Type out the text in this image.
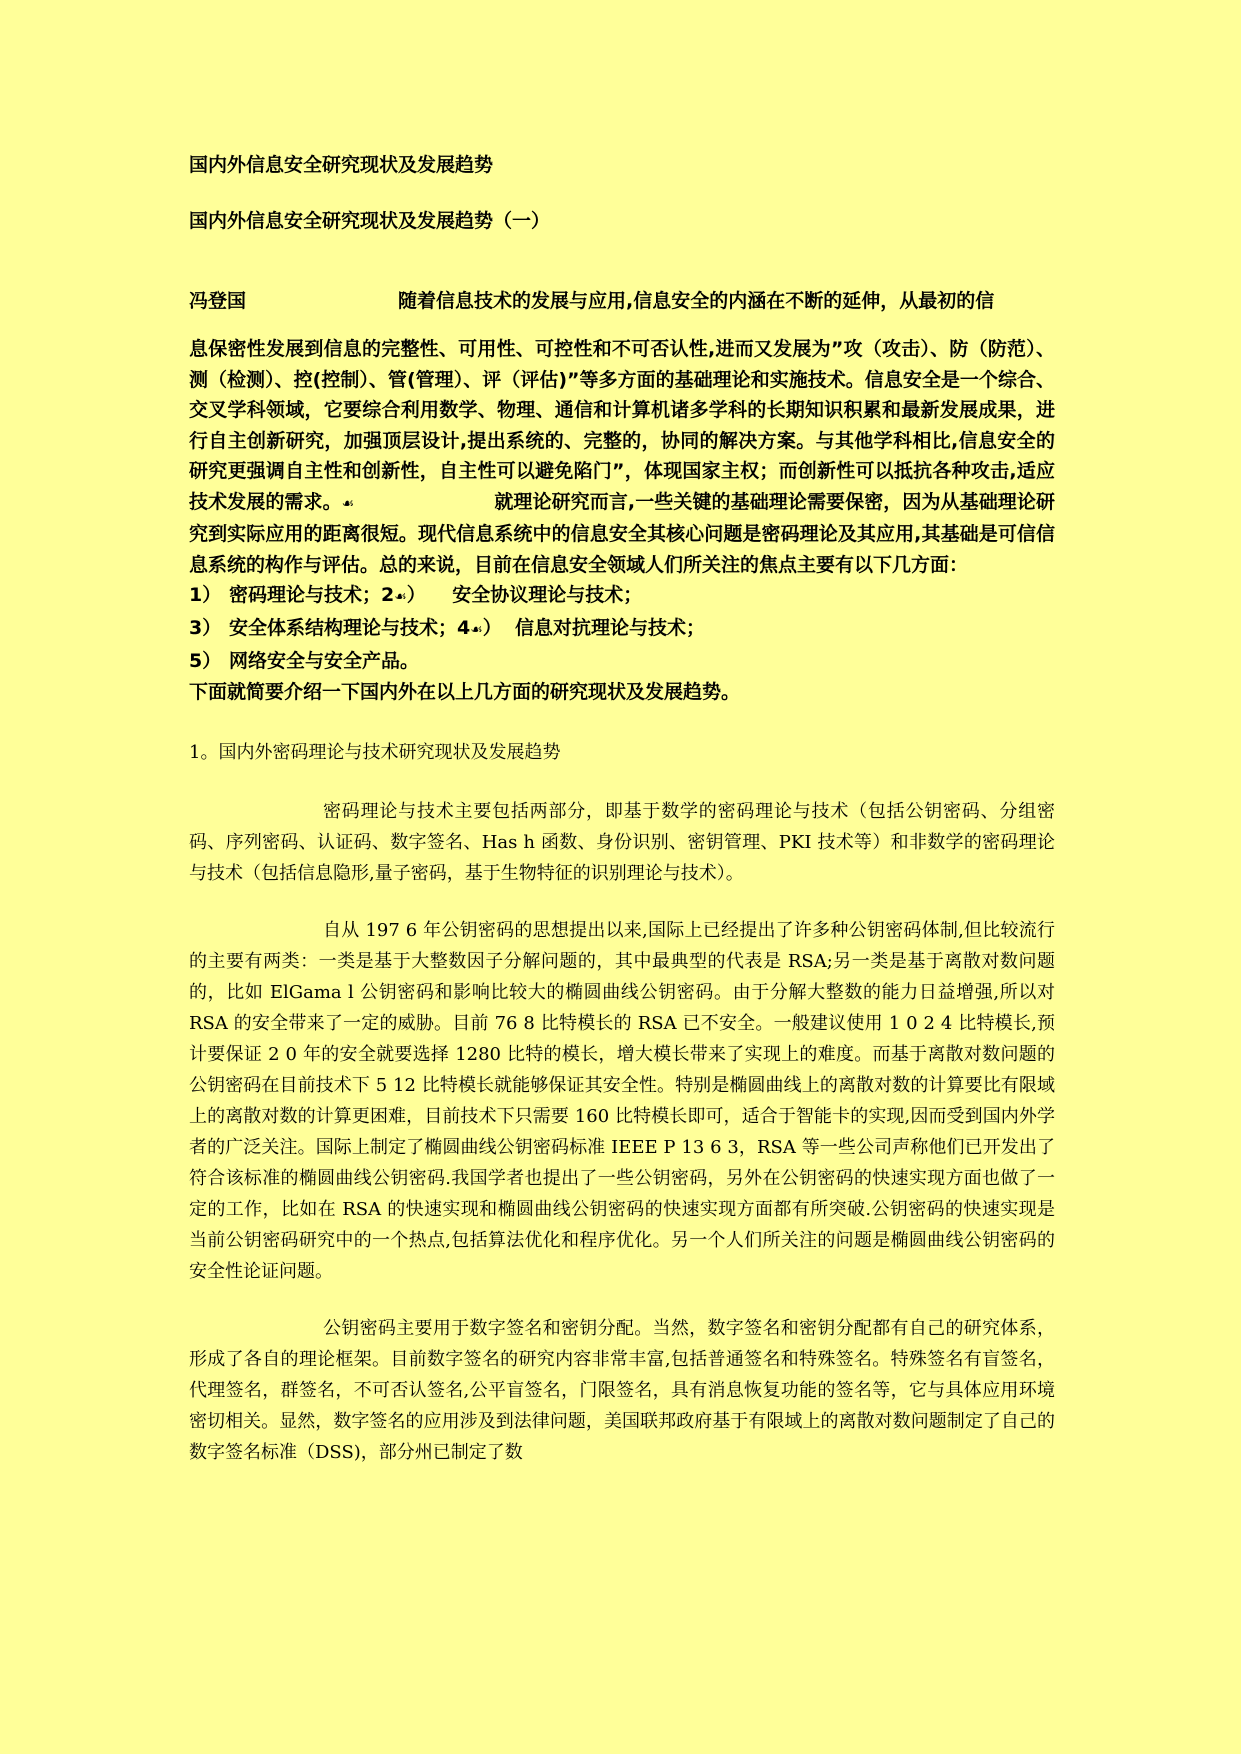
国内外信息安全研究现状及发展趋势

国内外信息安全研究现状及发展趋势（一）

冯登国	随着信息技术的发展与应用,信息安全的内涵在不断的延伸，从最初的信

息保密性发展到信息的完整性、可用性、可控性和不可否认性,进而又发展为”攻（攻击）、防（防范）、测（检测）、控(控制）、管(管理）、评（评估)”等多方面的基础理论和实施技术。信息安全是一个综合、交叉学科领域，它要综合利用数学、物理、通信和计算机诸多学科的长期知识积累和最新发展成果，进行自主创新研究，加强顶层设计,提出系统的、完整的，协同的解决方案。与其他学科相比,信息安全的研究更强调自主性和创新性，自主性可以避免陷门”，体现国家主权；而创新性可以抵抗各种攻击,适应技术发展的需求。☙	就理论研究而言,一些关键的基础理论需要保密，因为从基础理论研究到实际应用的距离很短。现代信息系统中的信息安全其核心问题是密码理论及其应用,其基础是可信信息系统的构作与评估。总的来说，目前在信息安全领域人们所关注的焦点主要有以下几方面：

1） 密码理论与技术；2☙） 安全协议理论与技术；

3） 安全体系结构理论与技术；4☙） 信息对抗理论与技术；

5） 网络安全与安全产品。

下面就简要介绍一下国内外在以上几方面的研究现状及发展趋势。

1。国内外密码理论与技术研究现状及发展趋势

密码理论与技术主要包括两部分，即基于数学的密码理论与技术（包括公钥密码、分组密码、序列密码、认证码、数字签名、Has h 函数、身份识别、密钥管理、PKI 技术等）和非数学的密码理论与技术（包括信息隐形,量子密码，基于生物特征的识别理论与技术）。

自从 197 6 年公钥密码的思想提出以来,国际上已经提出了许多种公钥密码体制,但比较流行的主要有两类：一类是基于大整数因子分解问题的，其中最典型的代表是 RSA;另一类是基于离散对数问题的，比如 ElGama l 公钥密码和影响比较大的椭圆曲线公钥密码。由于分解大整数的能力日益增强,所以对 RSA 的安全带来了一定的威胁。目前 76 8 比特模长的 RSA 已不安全。一般建议使用 1 0 2 4 比特模长,预计要保证 2 0 年的安全就要选择 1280 比特的模长，增大模长带来了实现上的难度。而基于离散对数问题的公钥密码在目前技术下 5 12 比特模长就能够保证其安全性。特别是椭圆曲线上的离散对数的计算要比有限域上的离散对数的计算更困难，目前技术下只需要 160 比特模长即可，适合于智能卡的实现,因而受到国内外学者的广泛关注。国际上制定了椭圆曲线公钥密码标准 IEEE P 13 6 3，RSA 等一些公司声称他们已开发出了符合该标准的椭圆曲线公钥密码.我国学者也提出了一些公钥密码，另外在公钥密码的快速实现方面也做了一定的工作，比如在 RSA 的快速实现和椭圆曲线公钥密码的快速实现方面都有所突破.公钥密码的快速实现是当前公钥密码研究中的一个热点,包括算法优化和程序优化。另一个人们所关注的问题是椭圆曲线公钥密码的安全性论证问题。

公钥密码主要用于数字签名和密钥分配。当然，数字签名和密钥分配都有自己的研究体系，形成了各自的理论框架。目前数字签名的研究内容非常丰富,包括普通签名和特殊签名。特殊签名有盲签名，代理签名，群签名，不可否认签名,公平盲签名，门限签名，具有消息恢复功能的签名等，它与具体应用环境密切相关。显然，数字签名的应用涉及到法律问题，美国联邦政府基于有限域上的离散对数问题制定了自己的数字签名标准（DSS)，部分州已制定了数
